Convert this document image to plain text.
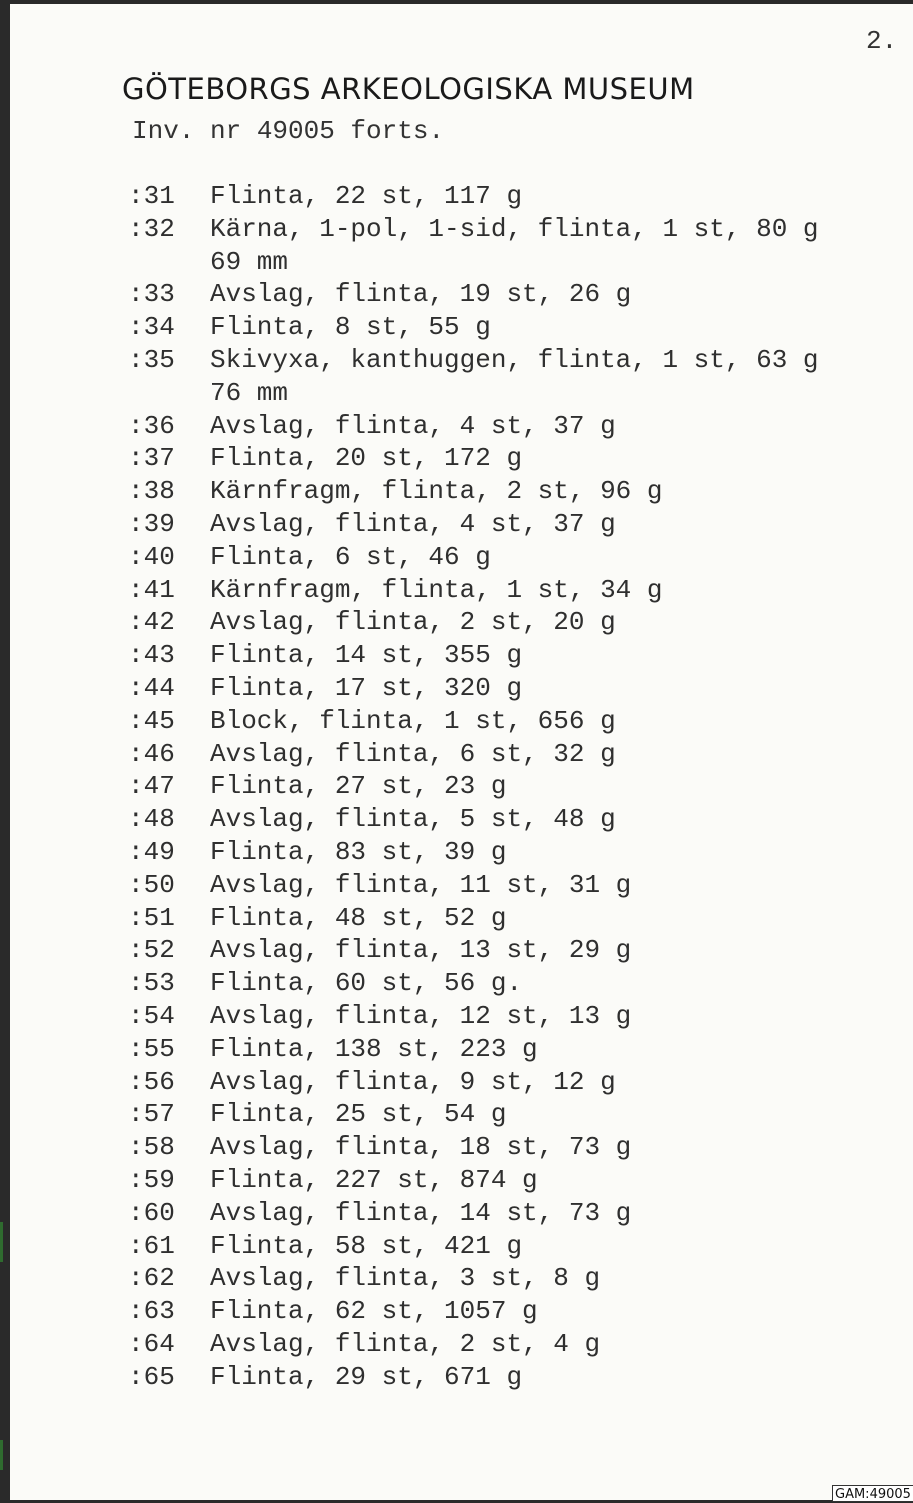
2.
GÖTEBORGS ARKEOLOGISKA MUSEUM
Inv. nr 49005 forts.
:31 Flinta, 22 st, 117 g
:32 Kärna, 1-pol, 1-sid, flinta, 1 st, 80 g
69 mm
:33 Avslag, flinta, 19 st, 26 g
:34 Flinta, 8 st, 55 g
:35 Skivyxa, kanthuggen, flinta, 1 st, 63 g
76 mm
:36 Avslag, flinta, 4 st, 37 g
:37 Flinta, 20 st, 172 g
:38 Kärnfragm, flinta, 2 st, 96 g
:39 Avslag, flinta, 4 st, 37 g
:40 Flinta, 6 st, 46 g
:41 Kärnfragm, flinta, 1 st, 34 g
:42 Avslag, flinta, 2 st, 20 g
:43 Flinta, 14 st, 355 g
:44 Flinta, 17 st, 320 g
:45 Block, flinta, 1 st, 656 g
:46 Avslag, flinta, 6 st, 32 g
:47 Flinta, 27 st, 23 g
:48 Avslag, flinta, 5 st, 48 g
:49 Flinta, 83 st, 39 g
:50 Avslag, flinta, 11 st, 31 g
:51 Flinta, 48 st, 52 g
:52 Avslag, flinta, 13 st, 29 g
:53 Flinta, 60 st, 56 g.
:54 Avslag, flinta, 12 st, 13 g
:55 Flinta, 138 st, 223 g
:56 Avslag, flinta, 9 st, 12 g
:57 Flinta, 25 st, 54 g
:58 Avslag, flinta, 18 st, 73 g
:59 Flinta, 227 st, 874 g
:60 Avslag, flinta, 14 st, 73 g
:61 Flinta, 58 st, 421 g
:62 Avslag, flinta, 3 st, 8 g
:63 Flinta, 62 st, 1057 g
:64 Avslag, flinta, 2 st, 4 g
:65 Flinta, 29 st, 671 g
GAM:49005
